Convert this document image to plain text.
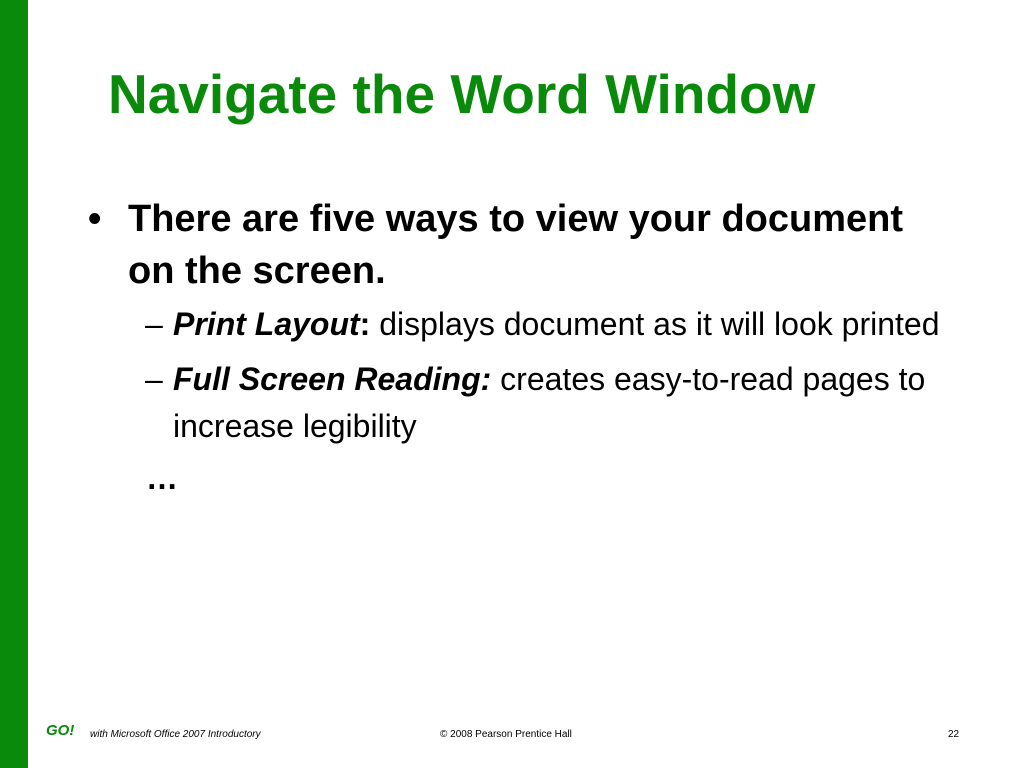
Navigate the Word Window
• There are five ways to view your document on the screen.
– Print Layout: displays document as it will look printed
– Full Screen Reading: creates easy-to-read pages to increase legibility
…
GO! with Microsoft Office 2007 Introductory	© 2008 Pearson Prentice Hall	22
